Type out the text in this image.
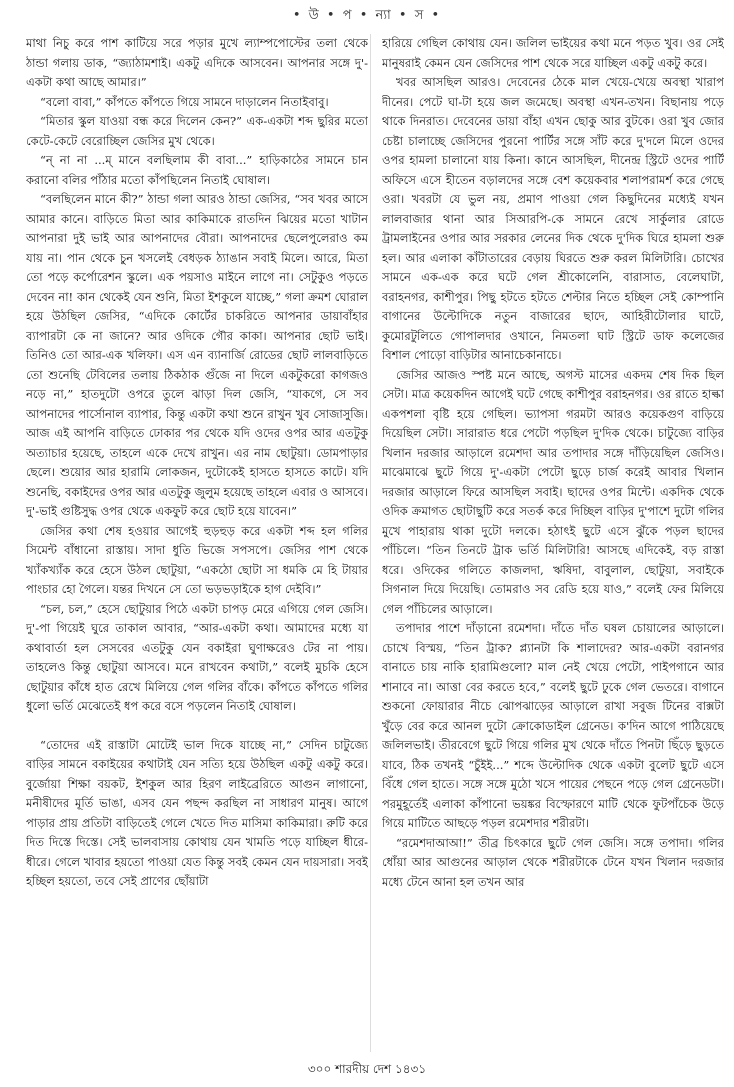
• উ • প • ন্যা • স •

মাথা নিচু করে পাশ কাটিয়ে সরে পড়ার মুখে ল্যাম্পপোস্টের তলা থেকে ঠান্ডা গলায় ডাক, “জ্যাঠামশাই। একটু এদিকে আসবেন। আপনার সঙ্গে দু'-একটা কথা আছে আমার।”

“বলো বাবা,” কাঁপতে কাঁপতে গিয়ে সামনে দাড়ালেন নিতাইবাবু।

“মিতার স্কুল যাওয়া বন্ধ করে দিলেন কেন?” এক-একটা শব্দ ছুরির মতো কেটে-কেটে বেরোচ্ছিল জেসির মুখ থেকে।

“ন্ না না ...ম্ মানে বলছিলাম কী বাবা...” হাড়িকাঠের সামনে চান করানো বলির পাঁঠার মতো কাঁপছিলেন নিতাই ঘোষাল।

“বলছিলেন মানে কী?” ঠান্ডা গলা আরও ঠান্ডা জেসির, “সব খবর আসে আমার কানে। বাড়িতে মিতা আর কাকিমাকে রাতদিন ঝিয়ের মতো খাটান আপনারা দুই ভাই আর আপনাদের বৌরা। আপনাদের ছেলেপুলেরাও কম যায় না। পান থেকে চুন খসলেই বেধড়ক ঠ্যাঙান সবাই মিলে। আরে, মিতা তো পড়ে কর্পোরেশন স্কুলে। এক পয়সাও মাইনে লাগে না। সেটুকুও পড়তে দেবেন না! কান থেকেই যেন শুনি, মিতা ইশকুলে যাচ্ছে,” গলা ক্রমশ ঘোরাল হয়ে উঠছিল জেসির, “এদিকে কোর্টের চাকরিতে আপনার ডায়াবাঁহার ব্যাপারটা কে না জানে? আর ওদিকে গৌর কাকা। আপনার ছোট ভাই। তিনিও তো আর-এক খলিফা। এস এন ব্যানার্জি রোডের ছোট লালবাড়িতে তো শুনেছি টেবিলের তলায় ঠিকঠাক গুঁজে না দিলে একটুকরো কাগজও নড়ে না,” হাতদুটো ওপরে তুলে ঝাড়া দিল জেসি, “যাকগে, সে সব আপনাদের পার্সোনাল ব্যাপার, কিন্তু একটা কথা শুনে রাখুন খুব সোজাসুজি। আজ এই আপনি বাড়িতে ঢোকার পর থেকে যদি ওদের ওপর আর এতটুকু অত্যাচার হয়েছে, তাহলে একে দেখে রাখুন। এর নাম ছোটুয়া। ডোমপাড়ার ছেলে। শুয়োর আর হারামি লোকজন, দুটোকেই হাসতে হাসতে কাটে। যদি শুনেছি, বকাইদের ওপর আর এতটুকু জুলুম হয়েছে তাহলে এবার ও আসবে। দু'-ভাই গুষ্টিসুদ্ধ ওপর থেকে একফুট করে ছোট হয়ে যাবেন।”

জেসির কথা শেষ হওয়ার আগেই হুড়হুড় করে একটা শব্দ হল গলির সিমেন্ট বাঁধানো রাস্তায়। সাদা ধুতি ভিজে সপসপে। জেসির পাশ থেকে খ্যাঁকখ্যাঁক করে হেসে উঠল ছোটুয়া, “একঠো ছোটা সা ধমকি মে হি টায়ার পাংচার হো গৈলে। যন্তর দিখনে সে তো ভড়ভড়াইকে হাগ দেইবি।”

“চল, চল,” হেসে ছোটুয়ার পিঠে একটা চাপড় মেরে এগিয়ে গেল জেসি। দু'-পা গিয়েই ঘুরে তাকাল আবার, “আর-একটা কথা। আমাদের মধ্যে যা কথাবার্তা হল সেসবের এতটুকু যেন বকাইরা ঘুণাক্ষরেও টের না পায়। তাহলেও কিন্তু ছোটুয়া আসবে। মনে রাখবেন কথাটা,” বলেই মুচকি হেসে ছোটুয়ার কাঁধে হাত রেখে মিলিয়ে গেল গলির বাঁকে। কাঁপতে কাঁপতে গলির ধুলো ভর্তি মেঝেতেই ধপ করে বসে পড়লেন নিতাই ঘোষাল।

“তোদের এই রাস্তাটা মোটেই ভাল দিকে যাচ্ছে না,” সেদিন চাটুজ্যে বাড়ির সামনে বকাইয়ের কথাটাই যেন সত্যি হয়ে উঠছিল একটু একটু করে। বুর্জোয়া শিক্ষা বয়কট, ইশকুল আর হিরণ লাইব্রেরিতে আগুন লাগানো, মনীষীদের মূর্তি ভাঙা, এসব যেন পছন্দ করছিল না সাধারণ মানুষ। আগে পাড়ার প্রায় প্রতিটা বাড়িতেই গেলে খেতে দিত মাসিমা কাকিমারা। রুটি করে দিত দিস্তে দিস্তে। সেই ভালবাসায় কোথায় যেন খামতি পড়ে যাচ্ছিল ধীরে-ধীরে। গেলে খাবার হয়তো পাওয়া যেত কিন্তু সবই কেমন যেন দায়সারা। সবই হচ্ছিল হয়তো, তবে সেই প্রাণের ছোঁয়াটা

হারিয়ে গেছিল কোথায় যেন। জলিল ভাইয়ের কথা মনে পড়ত খুব। ওর সেই মানুষরাই কেমন যেন জেসিদের পাশ থেকে সরে যাচ্ছিল একটু একটু করে।

খবর আসছিল আরও। দেবেনের ঠেকে মাল খেয়ে-খেয়ে অবস্থা খারাপ দীনের। পেটে ঘা-টা হয়ে জল জমেছে। অবস্থা এখন-তখন। বিছানায় পড়ে থাকে দিনরাত। দেবেনের ডায়া বাঁহা এখন ছোকু আর বুটকে। ওরা খুব জোর চেষ্টা চালাচ্ছে জেসিদের পুরনো পার্টির সঙ্গে সাঁট করে দু'দলে মিলে ওদের ওপর হামলা চালানো যায় কিনা। কানে আসছিল, দীনেন্দ্র স্ট্রিটে ওদের পার্টি অফিসে এসে হীতেন বড়ালদের সঙ্গে বেশ কয়েকবার শলাপরামর্শ করে গেছে ওরা। খবরটা যে ভুল নয়, প্রমাণ পাওয়া গেল কিছুদিনের মধ্যেই যখন লালবাজার থানা আর সিআরপি-কে সামনে রেখে সার্কুলার রোডে ট্রামলাইনের ওপার আর সরকার লেনের দিক থেকে দু'দিক ঘিরে হামলা শুরু হল। আর এলাকা কাঁটাতারের বেড়ায় ঘিরতে শুরু করল মিলিটারি। চোখের সামনে এক-এক করে ঘটে গেল শ্রীকোলেনি, বারাসাত, বেলেঘাটা, বরাহনগর, কাশীপুর। পিছু হটতে হটতে শেল্টার নিতে হচ্ছিল সেই কোম্পানি বাগানের উল্টোদিকে নতুন বাজারের ছাদে, আহিরীটোলার ঘাটে, কুমোরটুলিতে গোপালদার ওখানে, নিমতলা ঘাট স্ট্রিটে ডাফ কলেজের বিশাল পোড়ো বাড়িটার আনাচেকানাচে।

জেসির আজও স্পষ্ট মনে আছে, অগস্ট মাসের একদম শেষ দিক ছিল সেটা। মাত্র কয়েকদিন আগেই ঘটে গেছে কাশীপুর বরাহনগর। ওর রাতে হাল্কা একপশলা বৃষ্টি হয়ে গেছিল। ভ্যাপসা গরমটা আরও কয়েকগুণ বাড়িয়ে দিয়েছিল সেটা। সারারাত ধরে পেটো পড়ছিল দু'দিক থেকে। চাটুজ্যে বাড়ির খিলান দরজার আড়ালে রমেশদা আর তপাদার সঙ্গে দাঁড়িয়েছিল জেসিও। মাঝেমাঝে ছুটে গিয়ে দু'-একটা পেটো ছুড়ে চার্জ করেই আবার খিলান দরজার আড়ালে ফিরে আসছিল সবাই। ছাদের ওপর মিন্টে। একদিক থেকে ওদিক ক্রমাগত ছোটাছুটি করে সতর্ক করে দিচ্ছিল বাড়ির দু'পাশে দুটো গলির মুখে পাহারায় থাকা দুটো দলকে। হঠাৎই ছুটে এসে ঝুঁকে পড়ল ছাদের পাঁচিলে। “তিন তিনটে ট্রাক ভর্তি মিলিটারি! আসছে এদিকেই, বড় রাস্তা ধরে। ওদিকের গলিতে কাজলদা, ঋষিদা, বাবুলাল, ছোটুয়া, সবাইকে সিগনাল দিয়ে দিয়েছি। তোমরাও সব রেডি হয়ে যাও,” বলেই ফের মিলিয়ে গেল পাঁচিলের আড়ালে।

তপাদার পাশে দাঁড়ানো রমেশদা। দাঁতে দাঁত ঘষল চোয়ালের আড়ালে। চোখে বিস্ময়, “তিন ট্রাক? প্ল্যানটা কি শালাদের? আর-একটা বরানগর বানাতে চায় নাকি হারামিগুলো? মাল নেই খেয়ে পেটো, পাইপগানে আর শানাবে না। আত্তা বের করতে হবে,” বলেই ছুটে ঢুকে গেল ভেতরে। বাগানে শুকনো ফোয়ারার নীচে ঝোপঝাড়ের আড়ালে রাখা সবুজ টিনের বাক্সটা খুঁড়ে বের করে আনল দুটো ক্রোকোডাইল গ্রেনেড। ক'দিন আগে পাঠিয়েছে জলিলভাই। তীরবেগে ছুটে গিয়ে গলির মুখ থেকে দাঁতে পিনটা ছিঁড়ে ছুড়তে যাবে, ঠিক তখনই “চুঁইই...” শব্দে উল্টোদিক থেকে একটা বুলেট ছুটে এসে বিঁধে গেল হাতে। সঙ্গে সঙ্গে মুঠো খসে পায়ের পেছনে পড়ে গেল গ্রেনেডটা। পরমুহূর্তেই এলাকা কাঁপানো ভয়ঙ্কর বিস্ফোরণে মাটি থেকে ফুটপাঁচেক উড়ে গিয়ে মাটিতে আছড়ে পড়ল রমেশদার শরীরটা।

“রমেশদাআআ!” তীব্র চিৎকারে ছুটে গেল জেসি। সঙ্গে তপাদা। গলির ধোঁয়া আর আগুনের আড়াল থেকে শরীরটাকে টেনে যখন খিলান দরজার মধ্যে টেনে আনা হল তখন আর

৩০০ শারদীয় দেশ ১৪৩১
